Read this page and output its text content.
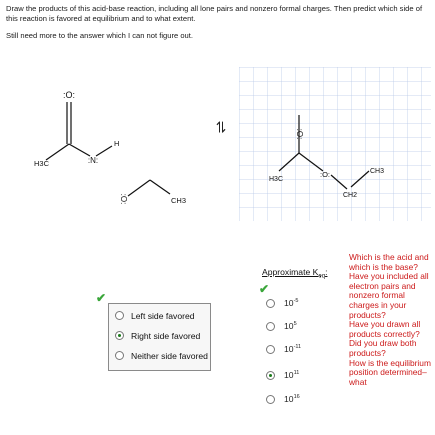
Draw the products of this acid-base reaction, including all lone pairs and nonzero formal charges. Then predict which side of this reaction is favored at equilibrium and to what extent.
Still need more to the answer which I can not figure out.
:O:
H3C	:N:
H
:O:	CH3
⇌
:O:
H3C
:O:
CH2
CH3
✔
Left side favored
Right side favored
Neither side favored
Approximate $K_{eq}$:
✔
$10^{-5}$
$10^5$
$10^{-11}$
$10^{11}$
$10^{16}$
Which is the acid and which is the base?
Have you included all electron pairs and nonzero formal charges in your products?
Have you drawn all products correctly?
Did you draw both products?
How is the equilibrium position determined–what
